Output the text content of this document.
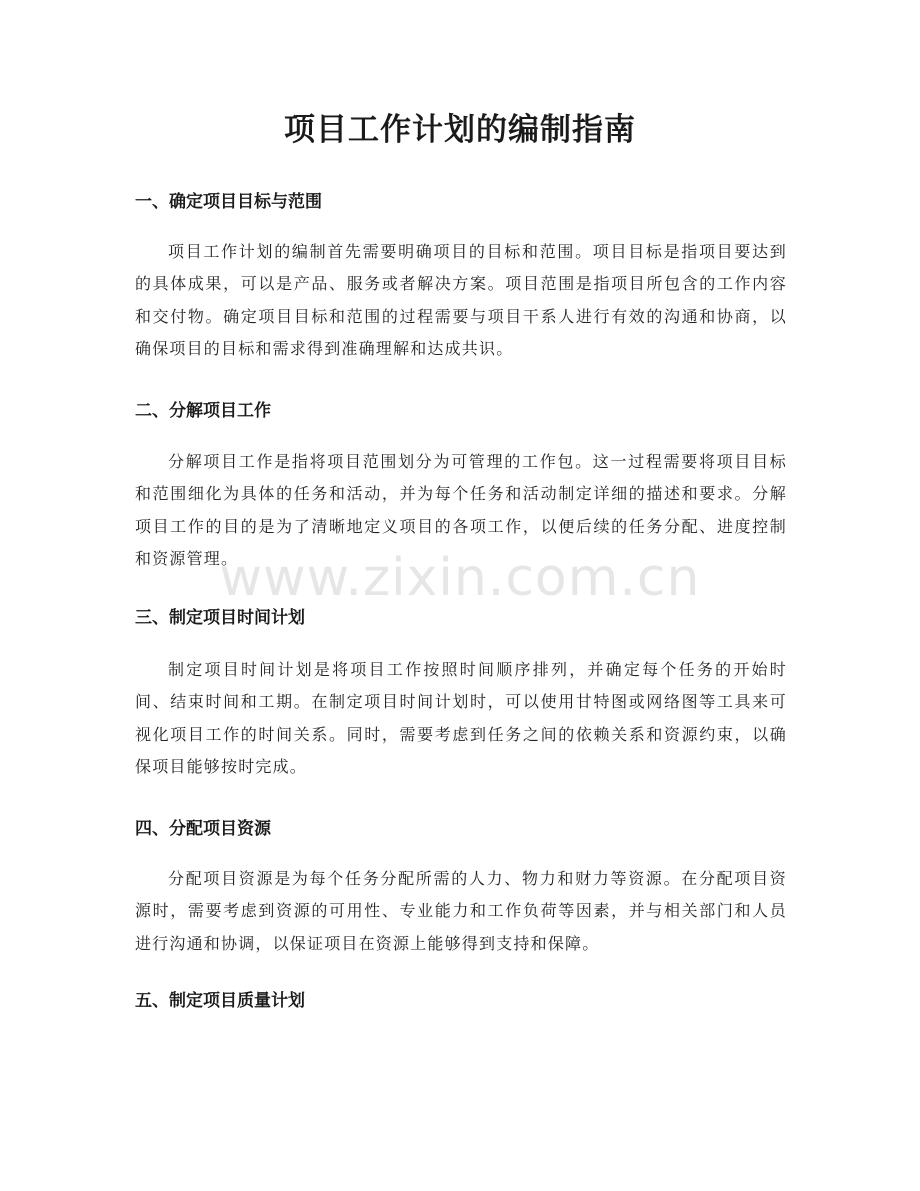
项目工作计划的编制指南
一、确定项目目标与范围

项目工作计划的编制首先需要明确项目的目标和范围。项目目标是指项目要达到的具体成果，可以是产品、服务或者解决方案。项目范围是指项目所包含的工作内容和交付物。确定项目目标和范围的过程需要与项目干系人进行有效的沟通和协商，以确保项目的目标和需求得到准确理解和达成共识。

二、分解项目工作

分解项目工作是指将项目范围划分为可管理的工作包。这一过程需要将项目目标和范围细化为具体的任务和活动，并为每个任务和活动制定详细的描述和要求。分解项目工作的目的是为了清晰地定义项目的各项工作，以便后续的任务分配、进度控制和资源管理。

三、制定项目时间计划

制定项目时间计划是将项目工作按照时间顺序排列，并确定每个任务的开始时间、结束时间和工期。在制定项目时间计划时，可以使用甘特图或网络图等工具来可视化项目工作的时间关系。同时，需要考虑到任务之间的依赖关系和资源约束，以确保项目能够按时完成。

四、分配项目资源

分配项目资源是为每个任务分配所需的人力、物力和财力等资源。在分配项目资源时，需要考虑到资源的可用性、专业能力和工作负荷等因素，并与相关部门和人员进行沟通和协调，以保证项目在资源上能够得到支持和保障。

五、制定项目质量计划
www.zixin.com.cn
